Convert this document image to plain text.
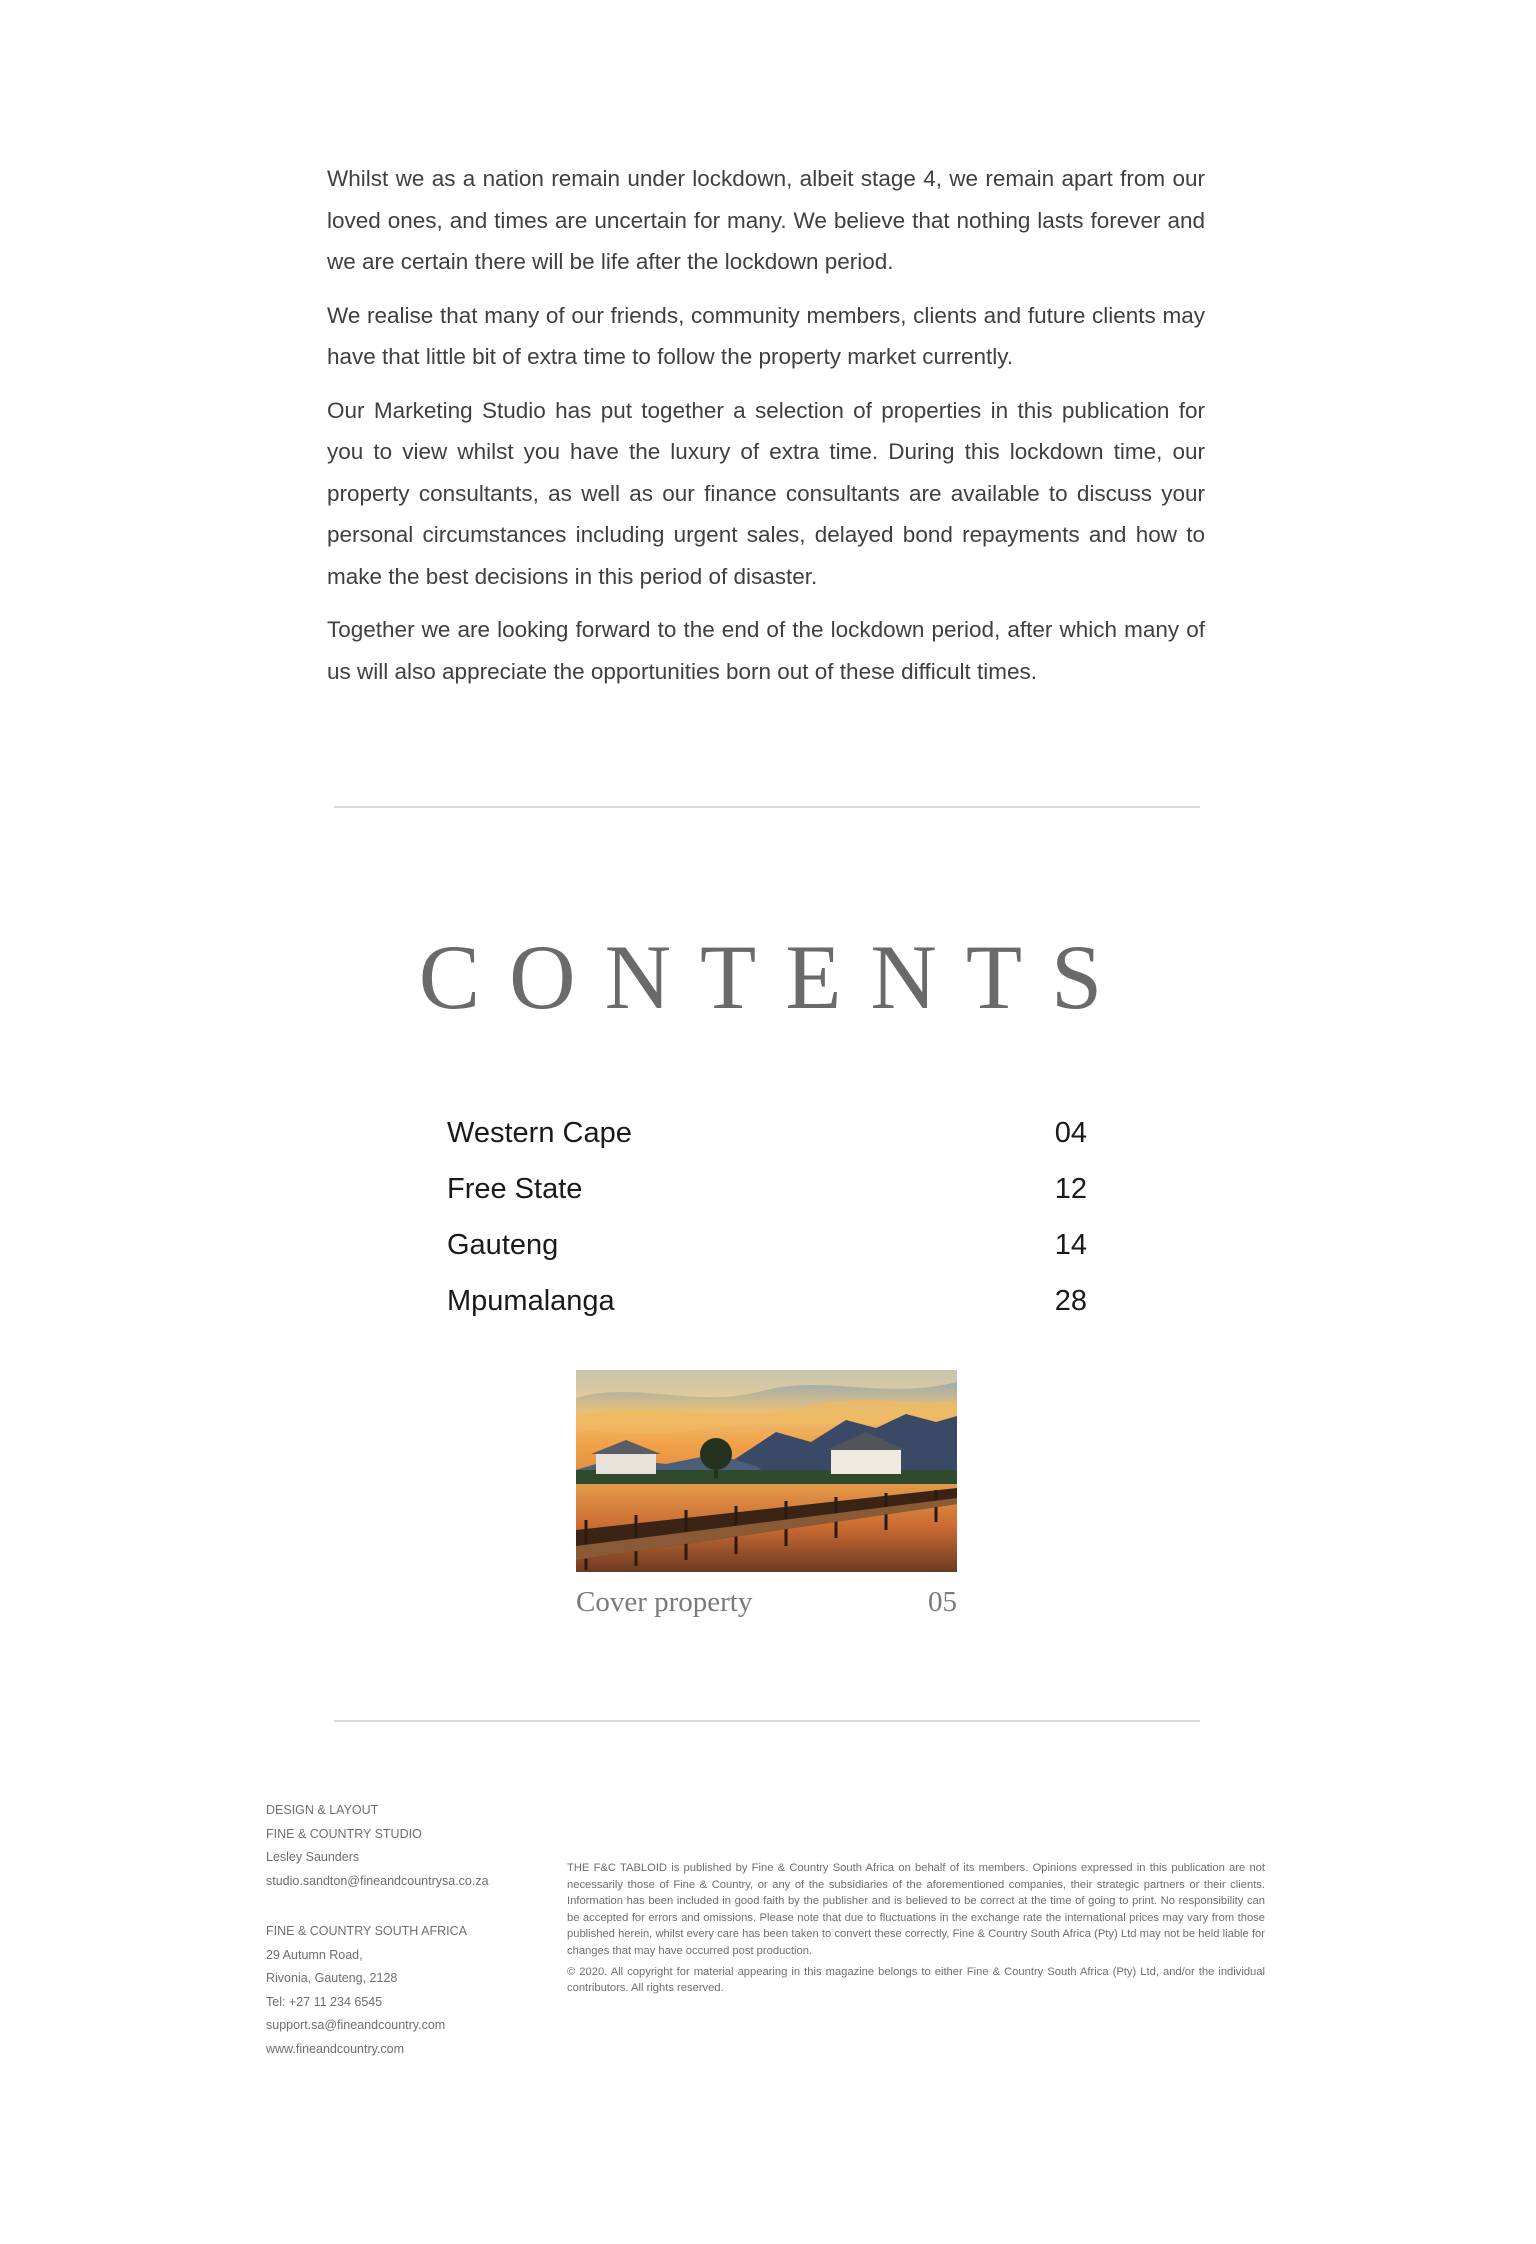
Whilst we as a nation remain under lockdown, albeit stage 4, we remain apart from our loved ones, and times are uncertain for many. We believe that nothing lasts forever and we are certain there will be life after the lockdown period.

We realise that many of our friends, community members, clients and future clients may have that little bit of extra time to follow the property market currently.

Our Marketing Studio has put together a selection of properties in this publication for you to view whilst you have the luxury of extra time. During this lockdown time, our property consultants, as well as our finance consultants are available to discuss your personal circumstances including urgent sales, delayed bond repayments and how to make the best decisions in this period of disaster.

Together we are looking forward to the end of the lockdown period, after which many of us will also appreciate the opportunities born out of these difficult times.

CONTENTS
Western Cape	04
Free State	12
Gauteng	14
Mpumalanga	28
Cover property	05
DESIGN & LAYOUT
FINE & COUNTRY STUDIO
Lesley Saunders
studio.sandton@fineandcountrysa.co.za
FINE & COUNTRY SOUTH AFRICA
29 Autumn Road,
Rivonia, Gauteng, 2128
Tel: +27 11 234 6545
support.sa@fineandcountry.com
www.fineandcountry.com

THE F&C TABLOID is published by Fine & Country South Africa on behalf of its members. Opinions expressed in this publication are not necessarily those of Fine & Country, or any of the subsidiaries of the aforementioned companies, their strategic partners or their clients. Information has been included in good faith by the publisher and is believed to be correct at the time of going to print. No responsibility can be accepted for errors and omissions. Please note that due to fluctuations in the exchange rate the international prices may vary from those published herein, whilst every care has been taken to convert these correctly, Fine & Country South Africa (Pty) Ltd may not be held liable for changes that may have occurred post production.

© 2020. All copyright for material appearing in this magazine belongs to either Fine & Country South Africa (Pty) Ltd, and/or the individual contributors. All rights reserved.
